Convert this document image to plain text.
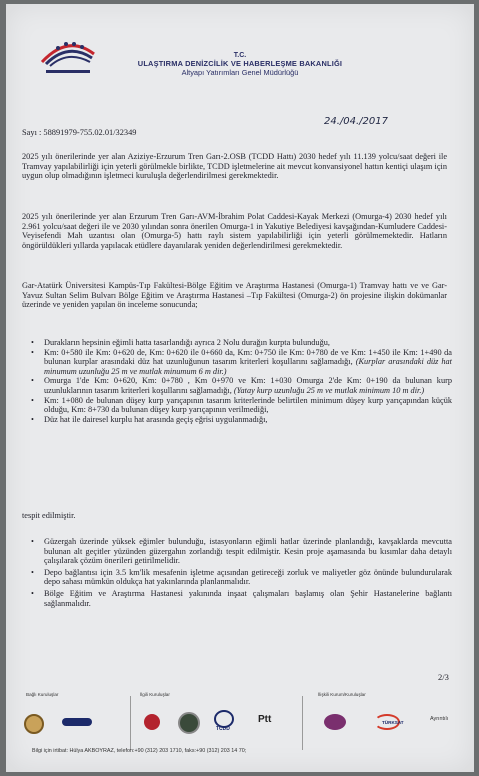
T.C.
ULAŞTIRMA DENİZCİLİK VE HABERLEŞME BAKANLIĞI
Altyapı Yatırımları Genel Müdürlüğü
24./04./2017
Sayı : 58891979-755.02.01/32349

2025 yılı önerilerinde yer alan Aziziye-Erzurum Tren Garı-2.OSB (TCDD Hattı) 2030 hedef yılı 11.139 yolcu/saat değeri ile Tramvay yapılabilirliği için yeterli görülmekle birlikte, TCDD işletmelerine ait mevcut konvansiyonel hattın kentiçi ulaşım için uygun olup olmadığının işletmeci kuruluşla değerlendirilmesi gerekmektedir.

2025 yılı önerilerinde yer alan Erzurum Tren Garı-AVM-İbrahim Polat Caddesi-Kayak Merkezi (Omurga-4) 2030 hedef yılı 2.961 yolcu/saat değeri ile ve 2030 yılından sonra önerilen Omurga-1 in Yakutiye Belediyesi kavşağından-Kumludere Caddesi-Veyisefendi Mah uzantısı olan (Omurga-5) hattı raylı sistem yapılabilirliği için yeterli görülmemektedir. Hatların öngörüldükleri yıllarda yapılacak etüdlere dayanılarak yeniden değerlendirilmesi gerekmektedir.

Gar-Atatürk Üniversitesi Kampüs-Tıp Fakültesi-Bölge Eğitim ve Araştırma Hastanesi (Omurga-1) Tramvay hattı ve ve Gar-Yavuz Sultan Selim Bulvarı Bölge Eğitim ve Araştırma Hastanesi –Tıp Fakültesi (Omurga-2) ön projesine ilişkin dokümanlar üzerinde ve yeniden yapılan ön inceleme sonucunda;

• Durakların hepsinin eğimli hatta tasarlandığı ayrıca 2 Nolu durağın kurpta bulunduğu,
• Km: 0+580 ile Km: 0+620 de, Km: 0+620 ile 0+660 da, Km: 0+750 ile Km: 0+780 de ve Km: 1+450 ile Km: 1+490 da bulunan kurplar arasındaki düz hat uzunluğunun tasarım kriterleri koşullarını sağlamadığı, (Kurplar arasındaki düz hat minumum uzunluğu 25 m ve mutlak minumum 6 m dir.)
• Omurga 1'de Km: 0+620, Km: 0+780 , Km 0+970 ve Km: 1+030 Omurga 2'de Km: 0+190 da bulunan kurp uzunluklarının tasarım kriterleri koşullarını sağlamadığı, (Yatay kurp uzunluğu 25 m ve mutlak minimum 10 m dir.)
• Km: 1+080 de bulunan düşey kurp yarıçapının tasarım kriterlerinde belirtilen minimum düşey kurp yarıçapından küçük olduğu, Km: 8+730 da bulunan düşey kurp yarıçapının verilmediği,
• Düz hat ile dairesel kurplu hat arasında geçiş eğrisi uygulanmadığı,
tespit edilmiştir.
• Güzergah üzerinde yüksek eğimler bulunduğu, istasyonların eğimli hatlar üzerinde planlandığı, kavşaklarda mevcutta bulunan alt geçitler yüzünden güzergahın zorlandığı tespit edilmiştir. Kesin proje aşamasında bu kısımlar daha detaylı çalışılarak çözüm önerileri getirilmelidir.
• Depo bağlantısı için 3.5 km'lik mesafenin işletme açısından getireceği zorluk ve maliyetler göz önünde bulundurularak depo sahası mümkün oldukça hat yakınlarında planlanmalıdır.
• Bölge Eğitim ve Araştırma Hastanesi yakınında inşaat çalışmaları başlamış olan Şehir Hastanelerine bağlantı sağlanmalıdır.
2/3
Bağlı Kuruluşlar	İlgili Kuruluşlar	İlişkili Kurum/Kuruluşlar
TCDD
Ptt	TÜRKSAT
Ayrıntılı
Bilgi için irtibat: Hülya AKBOYRAZ, telefon:+90 (312) 203 1710, faks:+90 (312) 203 14 70;
